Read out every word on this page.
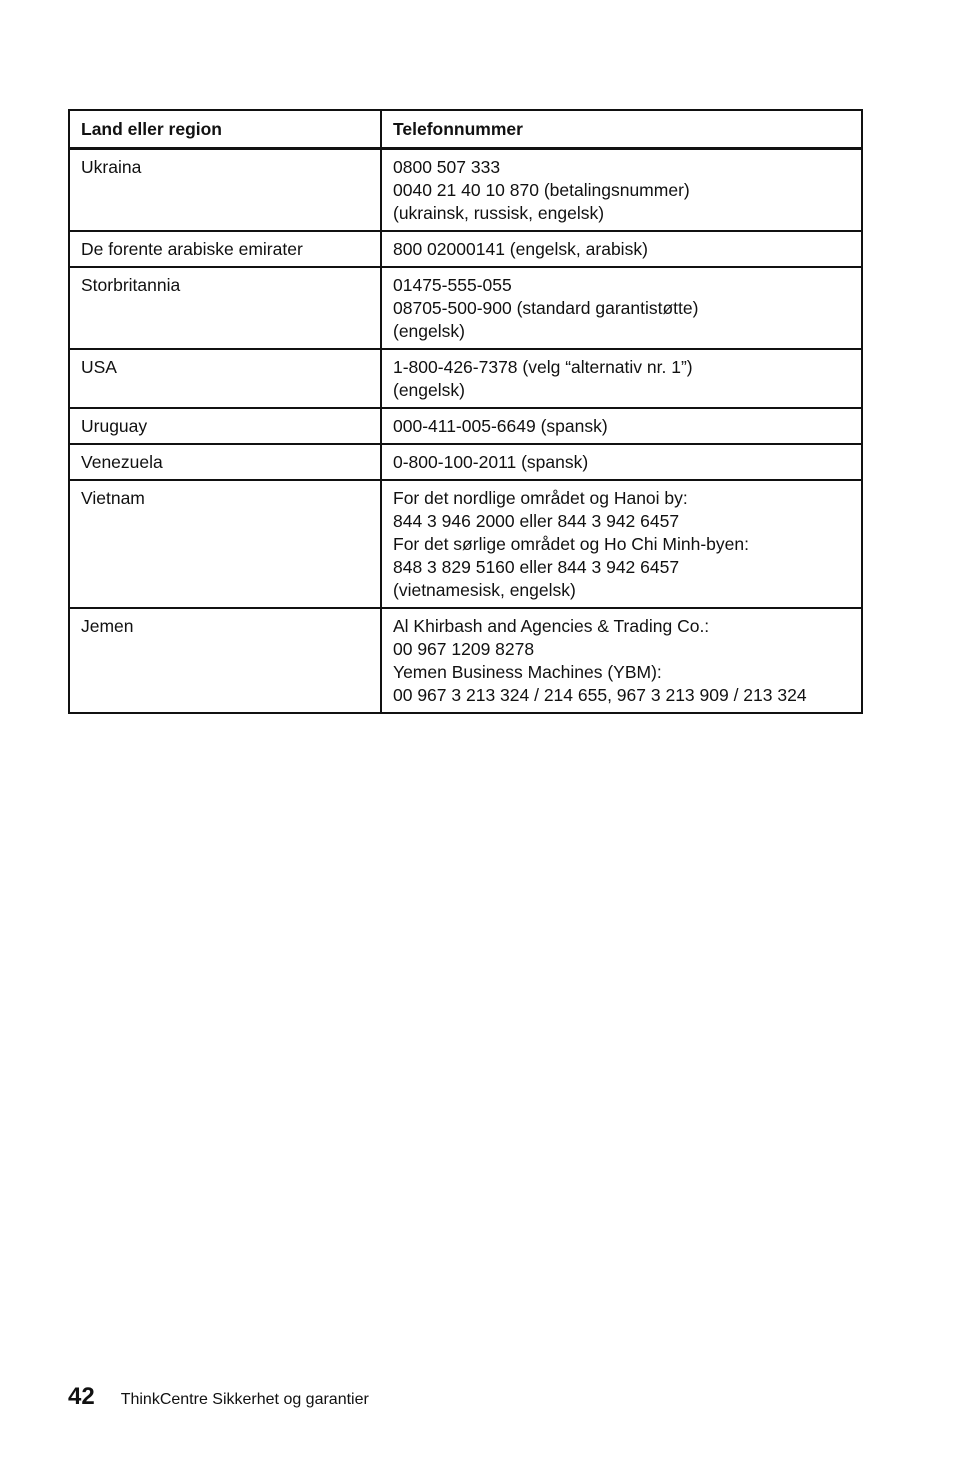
Land eller region	Telefonnummer
Ukraina	0800 507 333
0040 21 40 10 870 (betalingsnummer)
(ukrainsk, russisk, engelsk)

De forente arabiske emirater	800 02000141 (engelsk, arabisk)

Storbritannia	01475-555-055
08705-500-900 (standard garantistøtte)
(engelsk)

USA	1-800-426-7378 (velg “alternativ nr. 1”)
(engelsk)

Uruguay	000-411-005-6649 (spansk)

Venezuela	0-800-100-2011 (spansk)

Vietnam	For det nordlige området og Hanoi by:
844 3 946 2000 eller 844 3 942 6457
For det sørlige området og Ho Chi Minh-byen:
848 3 829 5160 eller 844 3 942 6457
(vietnamesisk, engelsk)

Jemen	Al Khirbash and Agencies & Trading Co.:
00 967 1209 8278
Yemen Business Machines (YBM):
00 967 3 213 324 / 214 655, 967 3 213 909 / 213 324
42 ThinkCentre Sikkerhet og garantier
